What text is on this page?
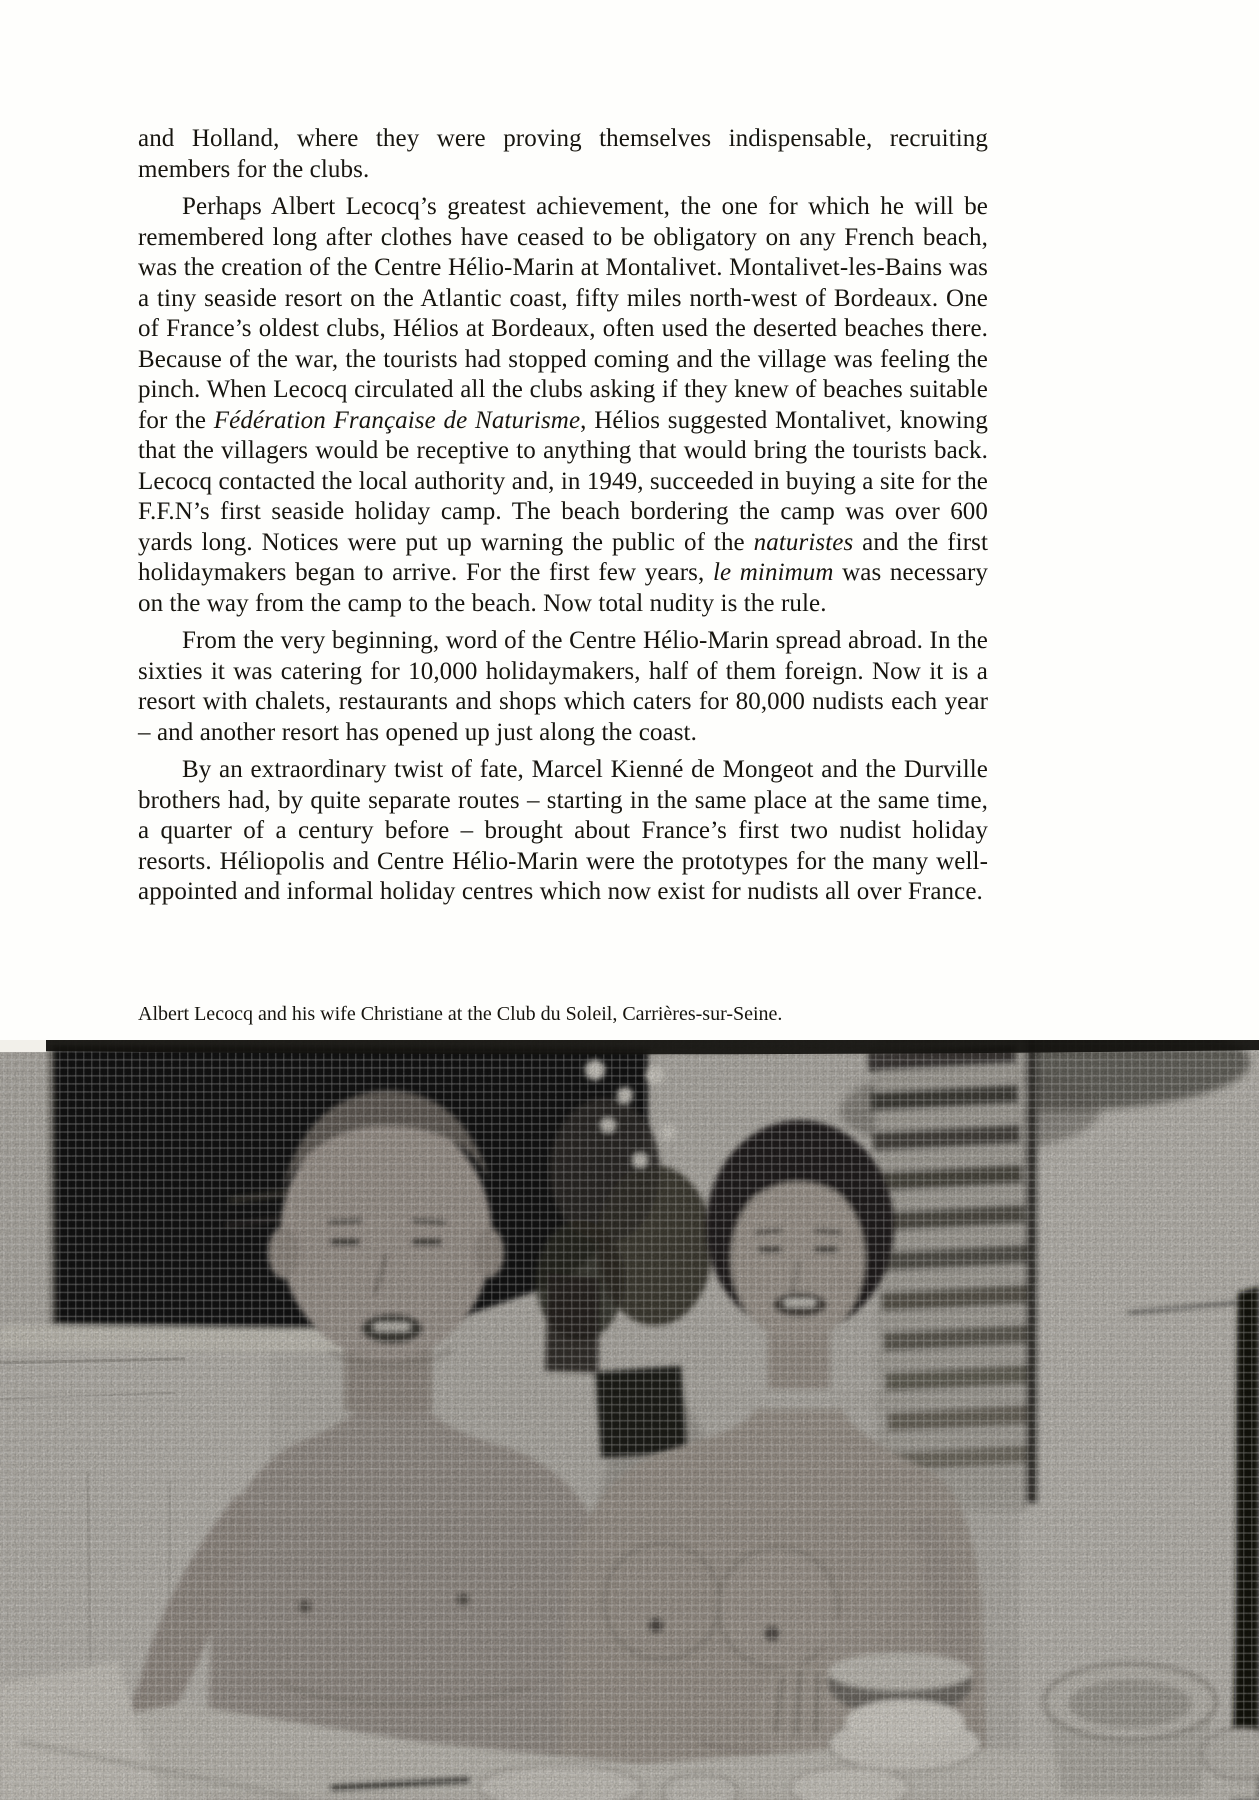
and Holland, where they were proving themselves indispensable, recruiting members for the clubs.

Perhaps Albert Lecocq’s greatest achievement, the one for which he will be remembered long after clothes have ceased to be obligatory on any French beach, was the creation of the Centre Hélio-Marin at Montalivet. Montalivet-les-Bains was a tiny seaside resort on the Atlantic coast, fifty miles north-west of Bordeaux. One of France’s oldest clubs, Hélios at Bordeaux, often used the deserted beaches there. Because of the war, the tourists had stopped coming and the village was feeling the pinch. When Lecocq circulated all the clubs asking if they knew of beaches suitable for the Fédération Française de Naturisme, Hélios suggested Montalivet, knowing that the villagers would be receptive to anything that would bring the tourists back. Lecocq contacted the local authority and, in 1949, succeeded in buying a site for the F.F.N’s first seaside holiday camp. The beach bordering the camp was over 600 yards long. Notices were put up warning the public of the naturistes and the first holidaymakers began to arrive. For the first few years, le minimum was necessary on the way from the camp to the beach. Now total nudity is the rule.

From the very beginning, word of the Centre Hélio-Marin spread abroad. In the sixties it was catering for 10,000 holidaymakers, half of them foreign. Now it is a resort with chalets, restaurants and shops which caters for 80,000 nudists each year – and another resort has opened up just along the coast.

By an extraordinary twist of fate, Marcel Kienné de Mongeot and the Durville brothers had, by quite separate routes – starting in the same place at the same time, a quarter of a century before – brought about France’s first two nudist holiday resorts. Héliopolis and Centre Hélio-Marin were the prototypes for the many well-appointed and informal holiday centres which now exist for nudists all over France.

Albert Lecocq and his wife Christiane at the Club du Soleil, Carrières-sur-Seine.
